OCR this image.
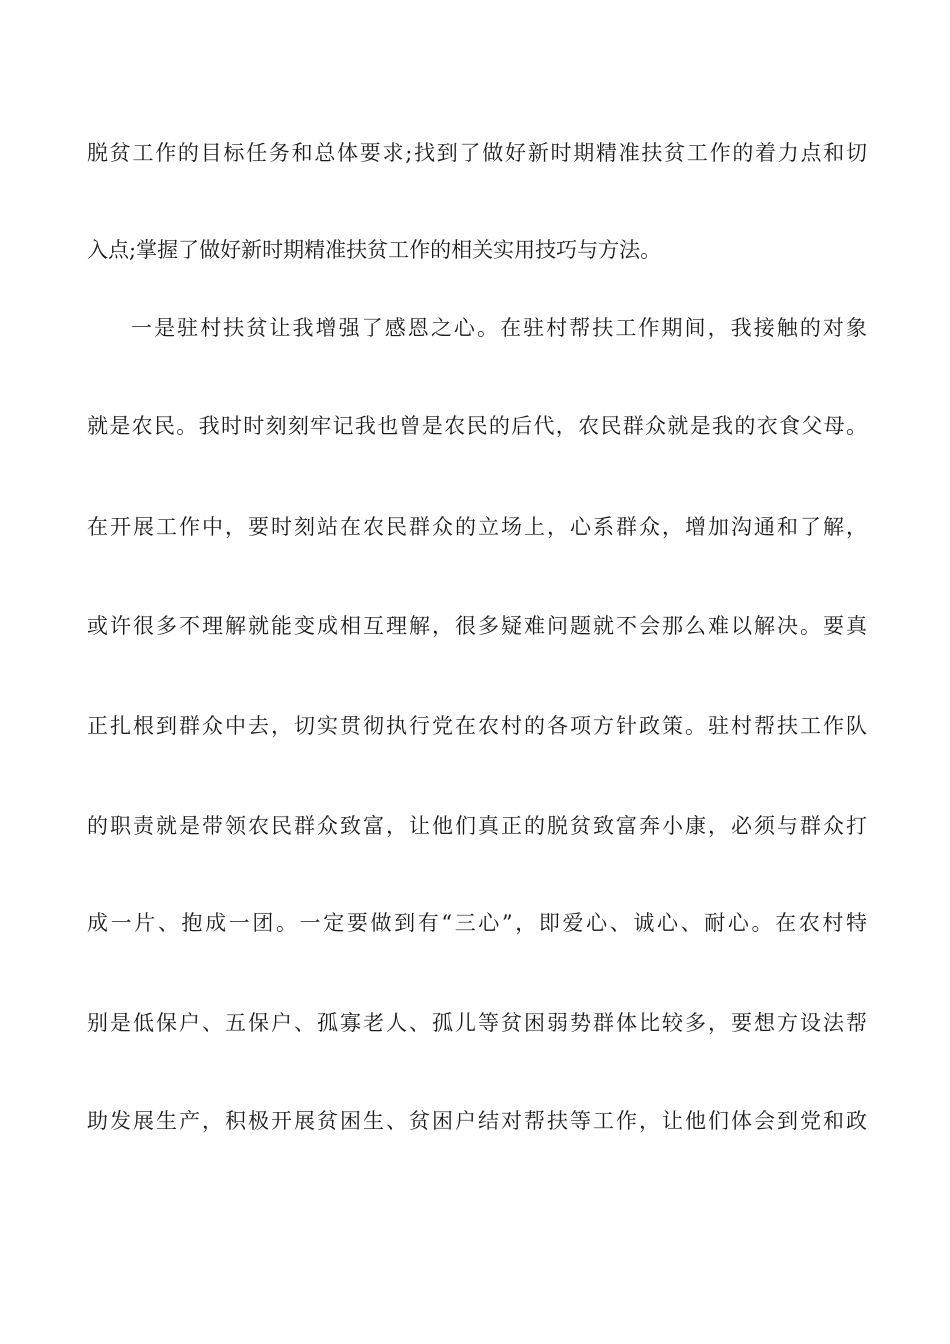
脱贫工作的目标任务和总体要求;找到了做好新时期精准扶贫工作的着力点和切
入点;掌握了做好新时期精准扶贫工作的相关实用技巧与方法。
一是驻村扶贫让我增强了感恩之心。在驻村帮扶工作期间，我接触的对象
就是农民。我时时刻刻牢记我也曾是农民的后代，农民群众就是我的衣食父母。
在开展工作中，要时刻站在农民群众的立场上，心系群众，增加沟通和了解，
或许很多不理解就能变成相互理解，很多疑难问题就不会那么难以解决。要真
正扎根到群众中去，切实贯彻执行党在农村的各项方针政策。驻村帮扶工作队
的职责就是带领农民群众致富，让他们真正的脱贫致富奔小康，必须与群众打
成一片、抱成一团。一定要做到有“三心”，即爱心、诚心、耐心。在农村特
别是低保户、五保户、孤寡老人、孤儿等贫困弱势群体比较多，要想方设法帮
助发展生产，积极开展贫困生、贫困户结对帮扶等工作，让他们体会到党和政
